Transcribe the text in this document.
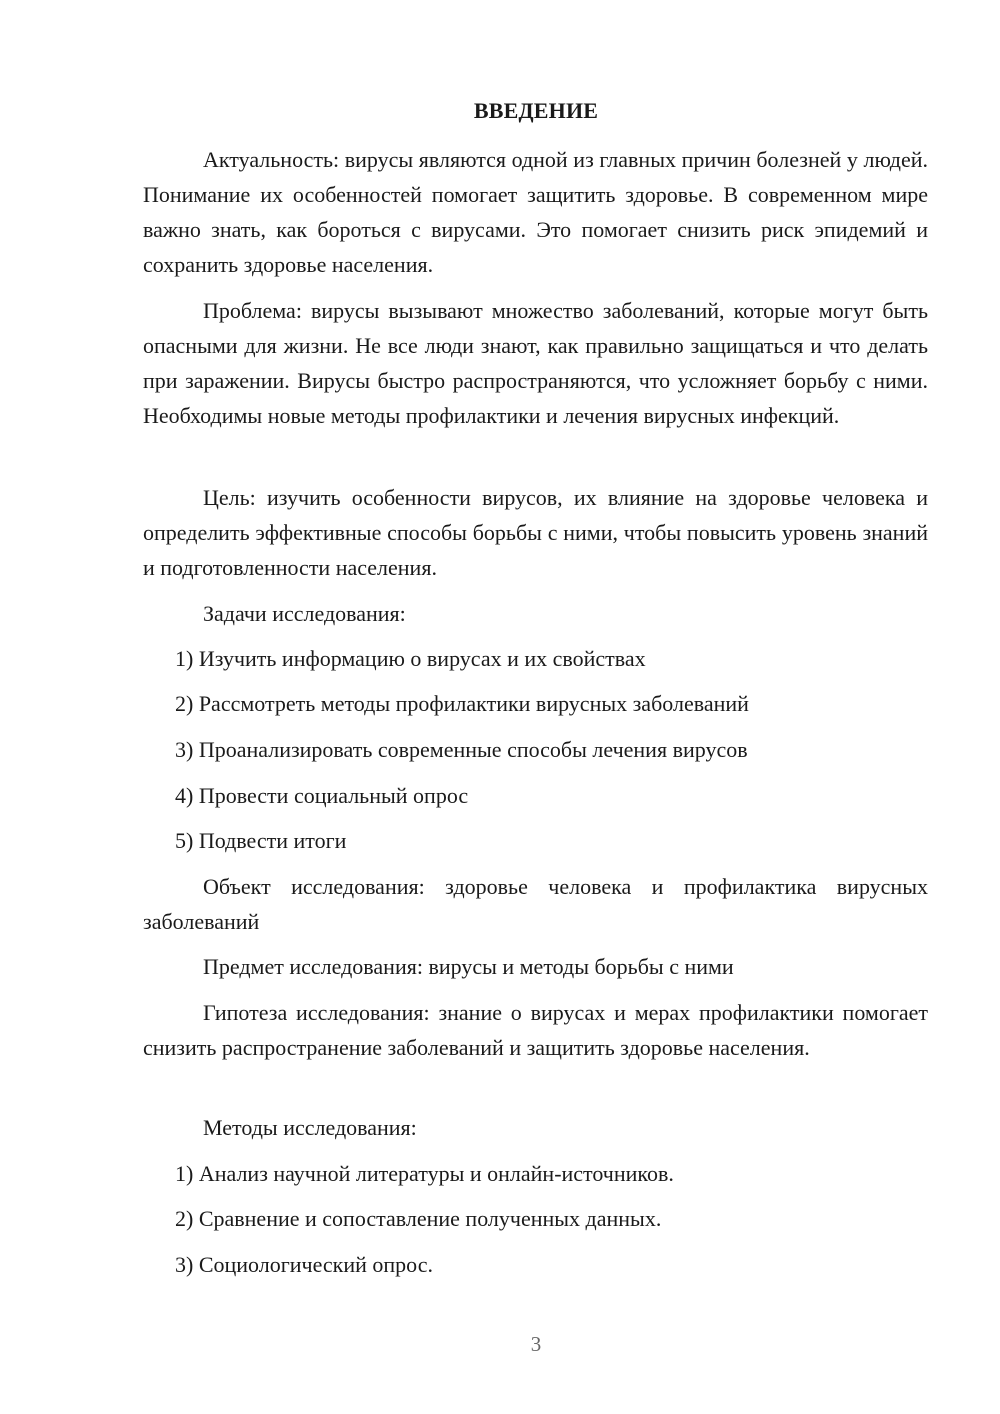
ВВЕДЕНИЕ

Актуальность: вирусы являются одной из главных причин болезней у людей. Понимание их особенностей помогает защитить здоровье. В современном мире важно знать, как бороться с вирусами. Это помогает снизить риск эпидемий и сохранить здоровье населения.

Проблема: вирусы вызывают множество заболеваний, которые могут быть опасными для жизни. Не все люди знают, как правильно защищаться и что делать при заражении. Вирусы быстро распространяются, что усложняет борьбу с ними. Необходимы новые методы профилактики и лечения вирусных инфекций.

Цель: изучить особенности вирусов, их влияние на здоровье человека и определить эффективные способы борьбы с ними, чтобы повысить уровень знаний и подготовленности населения.

Задачи исследования:

1) Изучить информацию о вирусах и их свойствах

2) Рассмотреть методы профилактики вирусных заболеваний

3) Проанализировать современные способы лечения вирусов

4) Провести социальный опрос

5) Подвести итоги

Объект исследования: здоровье человека и профилактика вирусных заболеваний

Предмет исследования: вирусы и методы борьбы с ними

Гипотеза исследования: знание о вирусах и мерах профилактики помогает снизить распространение заболеваний и защитить здоровье населения.

Методы исследования:

1) Анализ научной литературы и онлайн-источников.

2) Сравнение и сопоставление полученных данных.

3) Социологический опрос.

3
